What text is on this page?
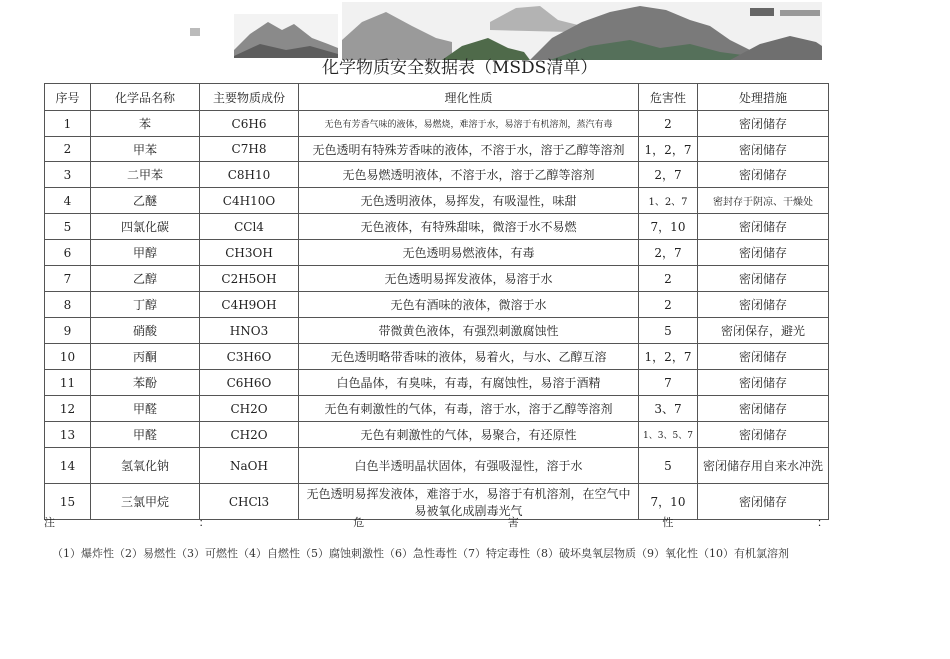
化学物质安全数据表（MSDS清单）
序号	化学品名称	主要物质成份	理化性质	危害性	处理措施
1	苯	C6H6	无色有芳香气味的液体，易燃烧，难溶于水，易溶于有机溶剂，蒸汽有毒	2	密闭储存
2	甲苯	C7H8	无色透明有特殊芳香味的液体，不溶于水，溶于乙醇等溶剂	1，2，7	密闭储存
3	二甲苯	C8H10	无色易燃透明液体，不溶于水，溶于乙醇等溶剂	2，7	密闭储存
4	乙醚	C4H10O	无色透明液体，易挥发，有吸湿性，味甜	1、2、7	密封存于阴凉、干燥处
5	四氯化碳	CCl4	无色液体，有特殊甜味，微溶于水不易燃	7，10	密闭储存
6	甲醇	CH3OH	无色透明易燃液体，有毒	2，7	密闭储存
7	乙醇	C2H5OH	无色透明易挥发液体，易溶于水	2	密闭储存
8	丁醇	C4H9OH	无色有酒味的液体，微溶于水	2	密闭储存
9	硝酸	HNO3	带微黄色液体，有强烈刺激腐蚀性	5	密闭保存，避光
10	丙酮	C3H6O	无色透明略带香味的液体，易着火，与水、乙醇互溶	1，2，7	密闭储存
11	苯酚	C6H6O	白色晶体，有臭味，有毒，有腐蚀性，易溶于酒精	7	密闭储存
12	甲醛	CH2O	无色有刺激性的气体，有毒，溶于水，溶于乙醇等溶剂	3、7	密闭储存
13	甲醛	CH2O	无色有刺激性的气体，易聚合，有还原性	1、3、5、7	密闭储存
14	氢氧化钠	NaOH	白色半透明晶状固体，有强吸湿性，溶于水	5	密闭储存用自来水冲洗
15	三氯甲烷	CHCl3	无色透明易挥发液体，难溶于水，易溶于有机溶剂，在空气中易被氧化成剧毒光气	7，10	密闭储存
注	：	危	害	性	：
（1）爆炸性（2）易燃性（3）可燃性（4）自燃性（5）腐蚀刺激性（6）急性毒性（7）特定毒性（8）破坏臭氧层物质（9）氧化性（10）有机氯溶剂
